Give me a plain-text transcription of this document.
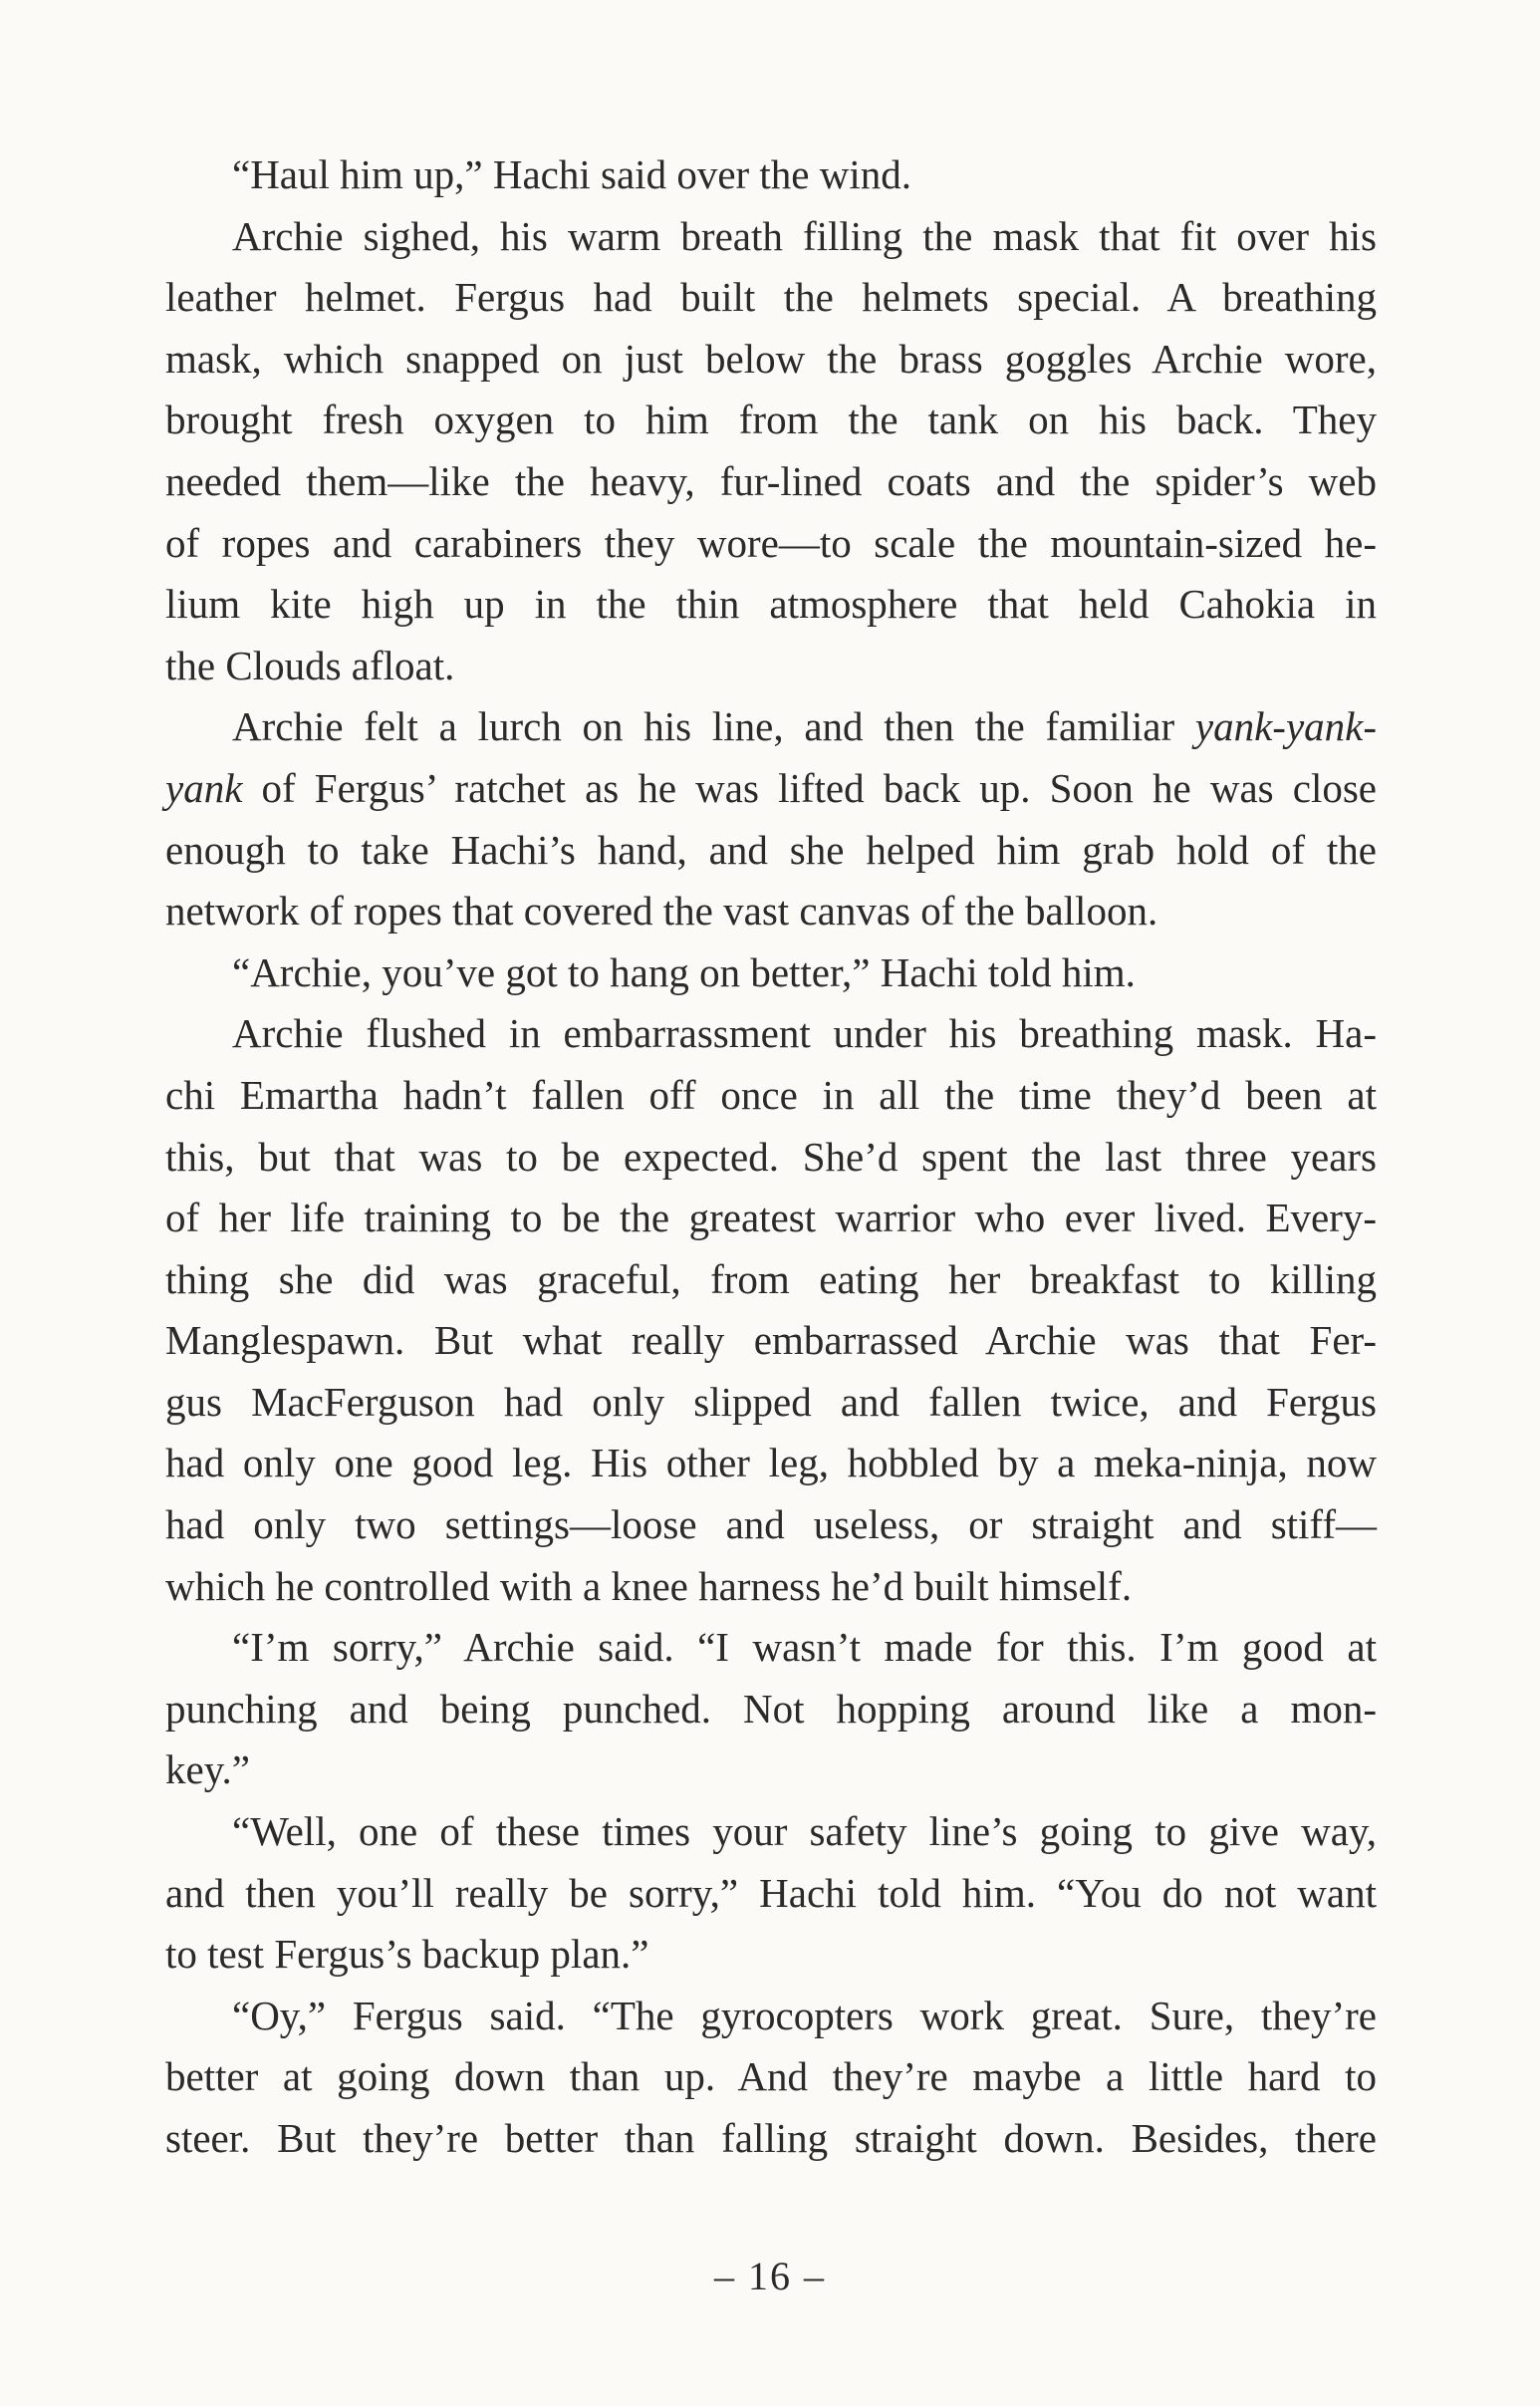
“Haul him up,” Hachi said over the wind.
Archie sighed, his warm breath filling the mask that fit over his
leather helmet. Fergus had built the helmets special. A breathing
mask, which snapped on just below the brass goggles Archie wore,
brought fresh oxygen to him from the tank on his back. They
needed them—like the heavy, fur-lined coats and the spider’s web
of ropes and carabiners they wore—to scale the mountain-sized he-
lium kite high up in the thin atmosphere that held Cahokia in
the Clouds afloat.
Archie felt a lurch on his line, and then the familiar yank-yank-
yank of Fergus’ ratchet as he was lifted back up. Soon he was close
enough to take Hachi’s hand, and she helped him grab hold of the
network of ropes that covered the vast canvas of the balloon.
“Archie, you’ve got to hang on better,” Hachi told him.
Archie flushed in embarrassment under his breathing mask. Ha-
chi Emartha hadn’t fallen off once in all the time they’d been at
this, but that was to be expected. She’d spent the last three years
of her life training to be the greatest warrior who ever lived. Every-
thing she did was graceful, from eating her breakfast to killing
Manglespawn. But what really embarrassed Archie was that Fer-
gus MacFerguson had only slipped and fallen twice, and Fergus
had only one good leg. His other leg, hobbled by a meka-ninja, now
had only two settings—loose and useless, or straight and stiff—
which he controlled with a knee harness he’d built himself.
“I’m sorry,” Archie said. “I wasn’t made for this. I’m good at
punching and being punched. Not hopping around like a mon-
key.”
“Well, one of these times your safety line’s going to give way,
and then you’ll really be sorry,” Hachi told him. “You do not want
to test Fergus’s backup plan.”
“Oy,” Fergus said. “The gyrocopters work great. Sure, they’re
better at going down than up. And they’re maybe a little hard to
steer. But they’re better than falling straight down. Besides, there
– 16 –
